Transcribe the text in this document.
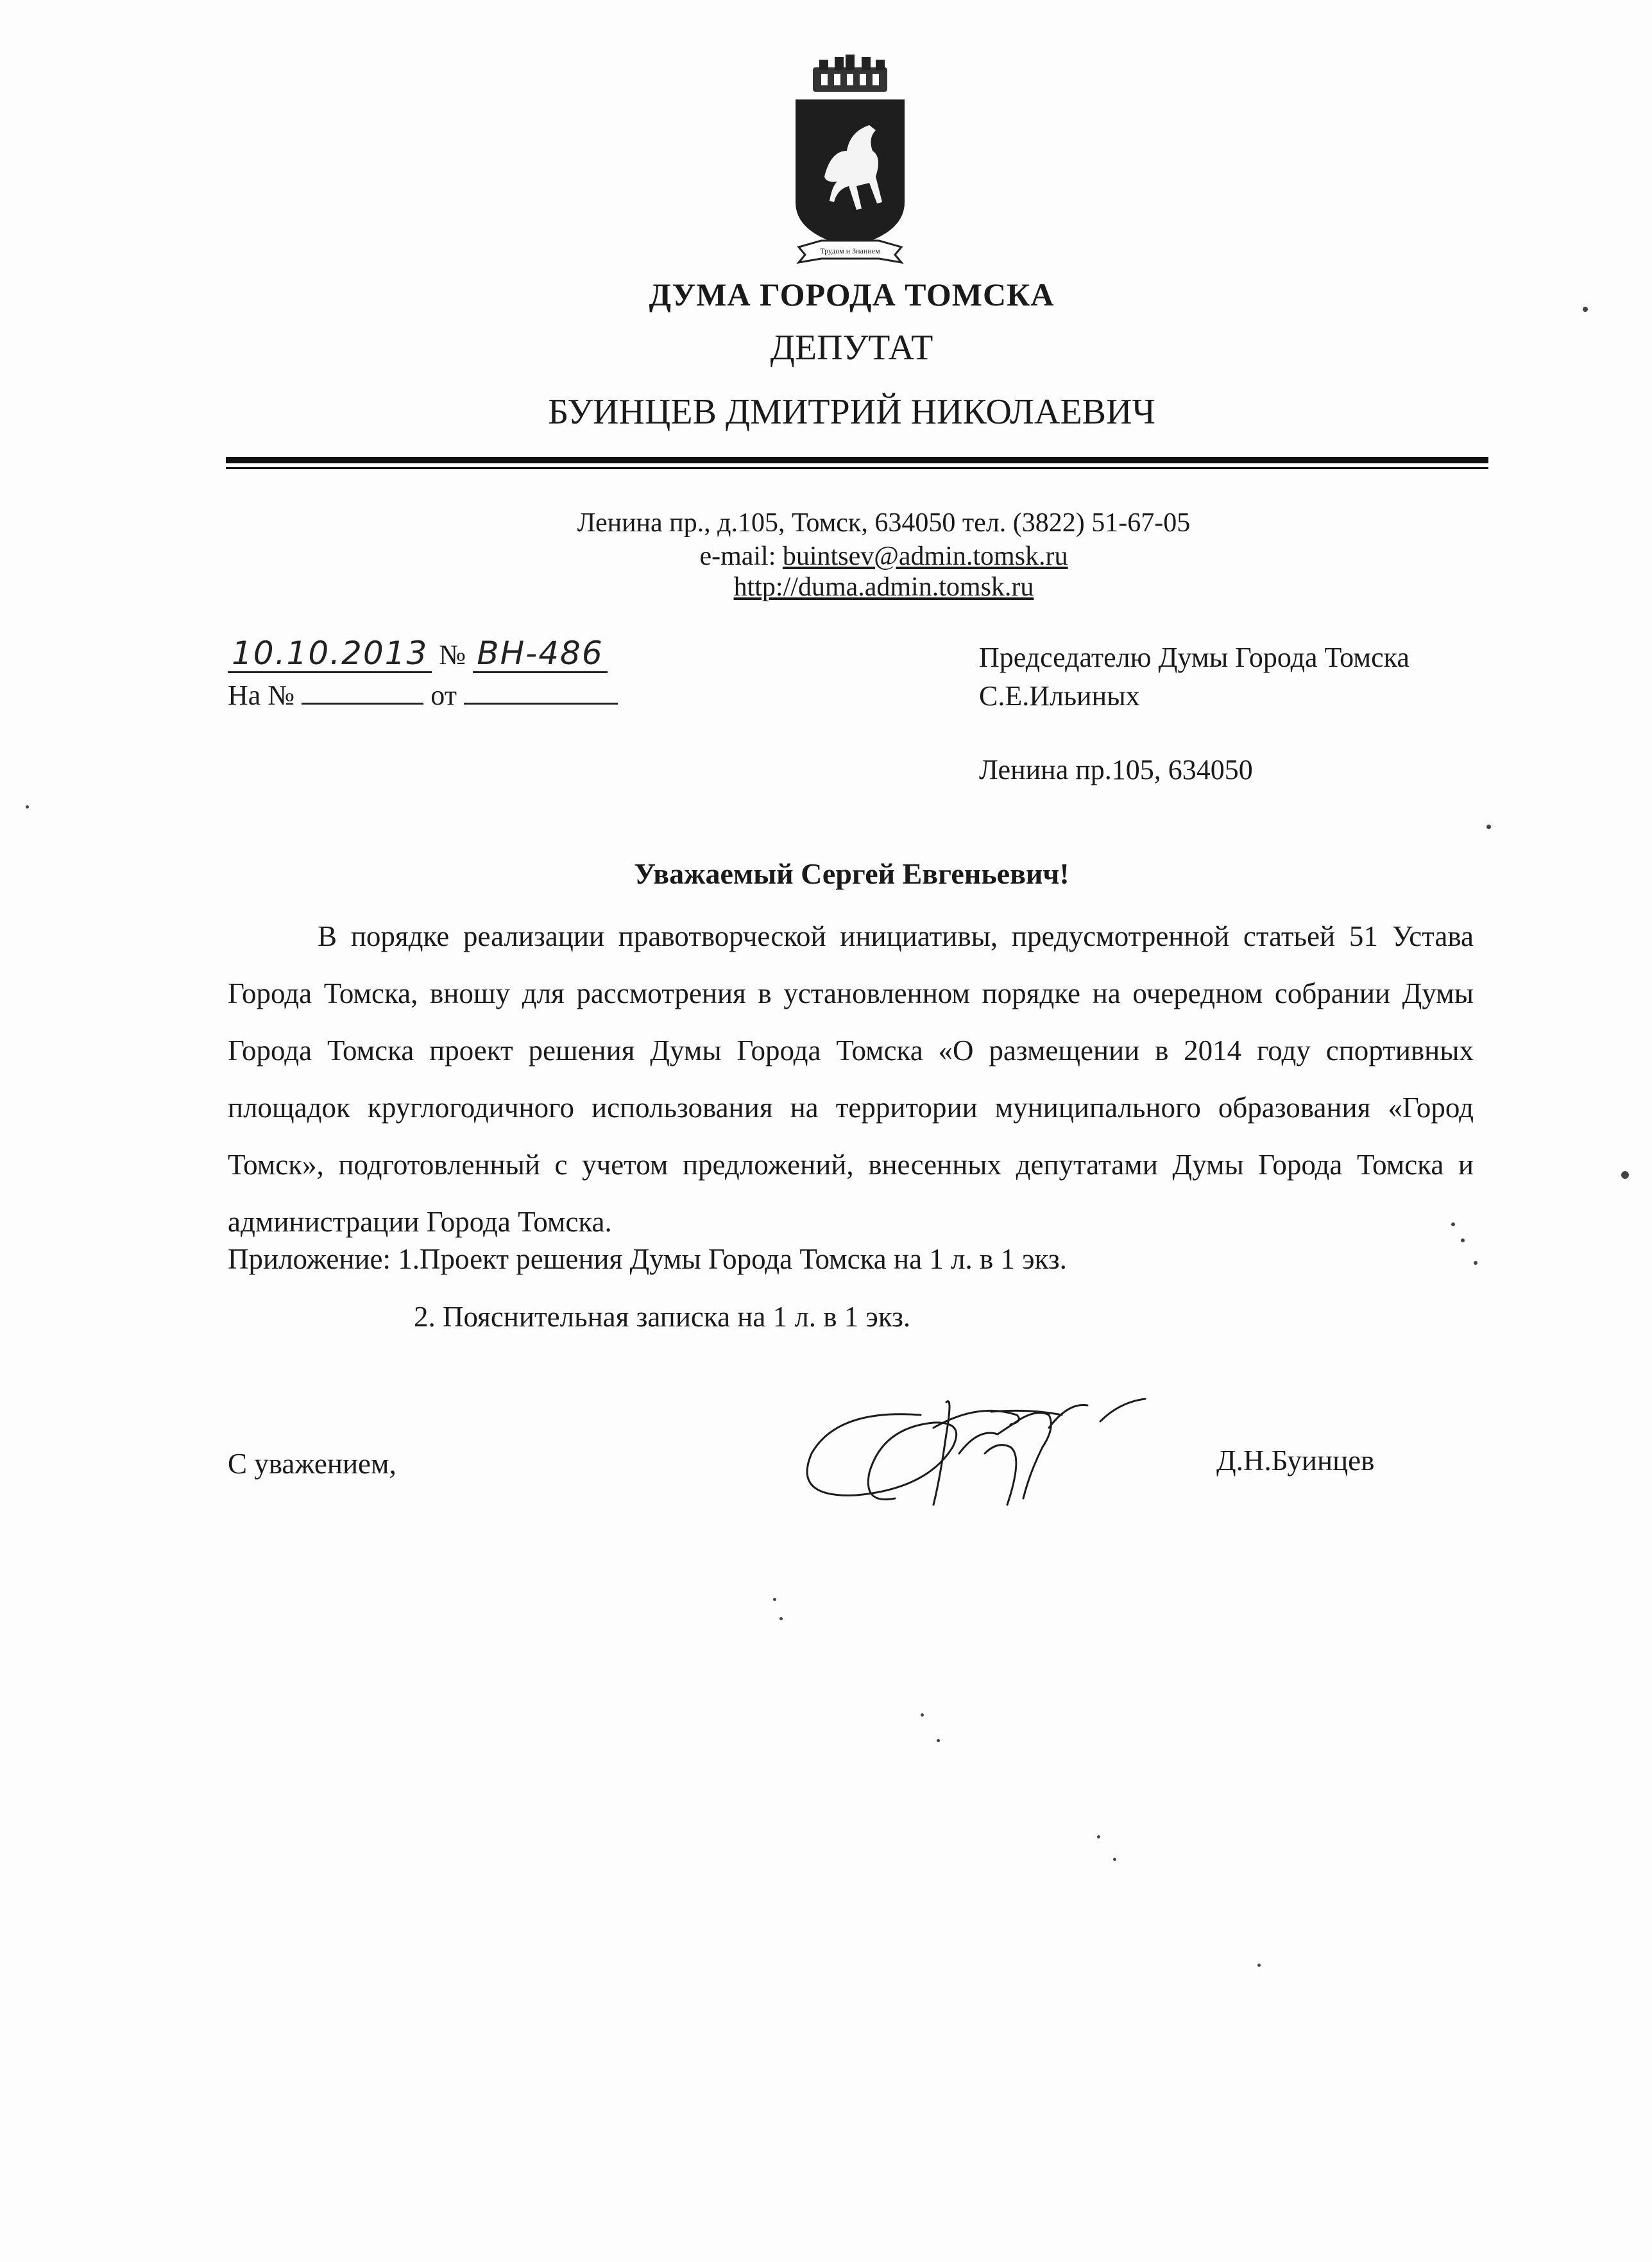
Трудом и Знанием
ДУМА ГОРОДА ТОМСКА
ДЕПУТАТ
БУИНЦЕВ ДМИТРИЙ НИКОЛАЕВИЧ
Ленина пр., д.105, Томск, 634050 тел. (3822) 51-67-05
e-mail: buintsev@admin.tomsk.ru
http://duma.admin.tomsk.ru
10.10.2013 № ВН-486
На №	от
Председателю Думы Города Томска
С.Е.Ильиных
Ленина пр.105, 634050
Уважаемый Сергей Евгеньевич!

В порядке реализации правотворческой инициативы, предусмотренной статьей 51 Устава Города Томска, вношу для рассмотрения в установленном порядке на очередном собрании Думы Города Томска проект решения Думы Города Томска «О размещении в 2014 году спортивных площадок круглогодичного использования на территории муниципального образования «Город Томск», подготовленный с учетом предложений, внесенных депутатами Думы Города Томска и администрации Города Томска.

Приложение: 1.Проект решения Думы Города Томска на 1 л. в 1 экз.
2. Пояснительная записка на 1 л. в 1 экз.
С уважением,	Д.Н.Буинцев
